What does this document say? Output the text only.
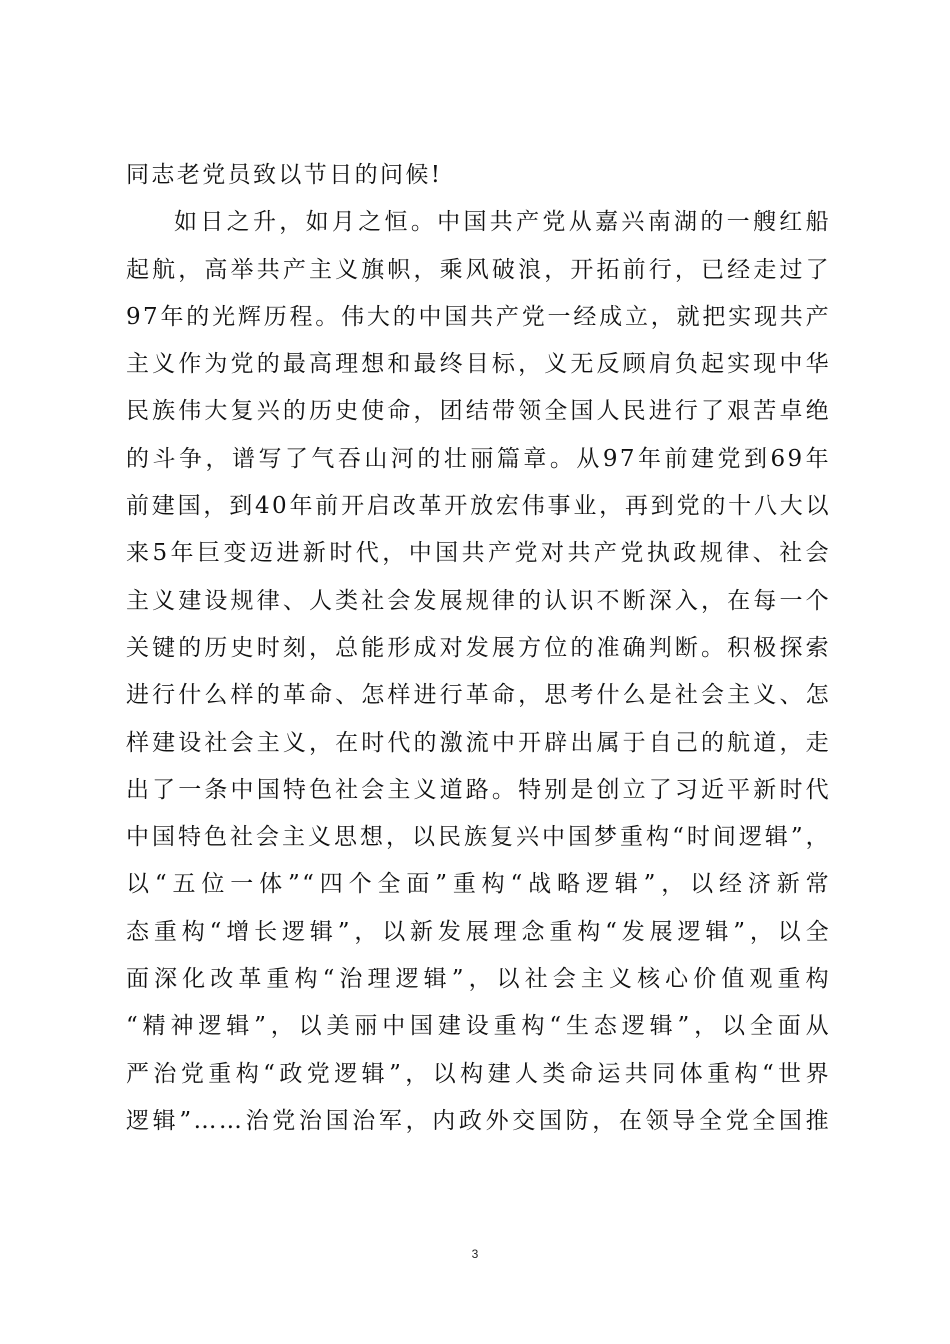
同志老党员致以节日的问候!
如日之升，如月之恒。中国共产党从嘉兴南湖的一艘红船
起航，高举共产主义旗帜，乘风破浪，开拓前行，已经走过了
97年的光辉历程。伟大的中国共产党一经成立，就把实现共产
主义作为党的最高理想和最终目标，义无反顾肩负起实现中华
民族伟大复兴的历史使命，团结带领全国人民进行了艰苦卓绝
的斗争，谱写了气吞山河的壮丽篇章。从97年前建党到69年
前建国，到40年前开启改革开放宏伟事业，再到党的十八大以
来5年巨变迈进新时代，中国共产党对共产党执政规律、社会
主义建设规律、人类社会发展规律的认识不断深入，在每一个
关键的历史时刻，总能形成对发展方位的准确判断。积极探索
进行什么样的革命、怎样进行革命，思考什么是社会主义、怎
样建设社会主义，在时代的激流中开辟出属于自己的航道，走
出了一条中国特色社会主义道路。特别是创立了习近平新时代
中国特色社会主义思想，以民族复兴中国梦重构“时间逻辑”，
以“五位一体”“四个全面”重构“战略逻辑”，以经济新常
态重构“增长逻辑”，以新发展理念重构“发展逻辑”，以全
面深化改革重构“治理逻辑”，以社会主义核心价值观重构
“精神逻辑”，以美丽中国建设重构“生态逻辑”，以全面从
严治党重构“政党逻辑”，以构建人类命运共同体重构“世界
逻辑”……治党治国治军，内政外交国防，在领导全党全国推
3
